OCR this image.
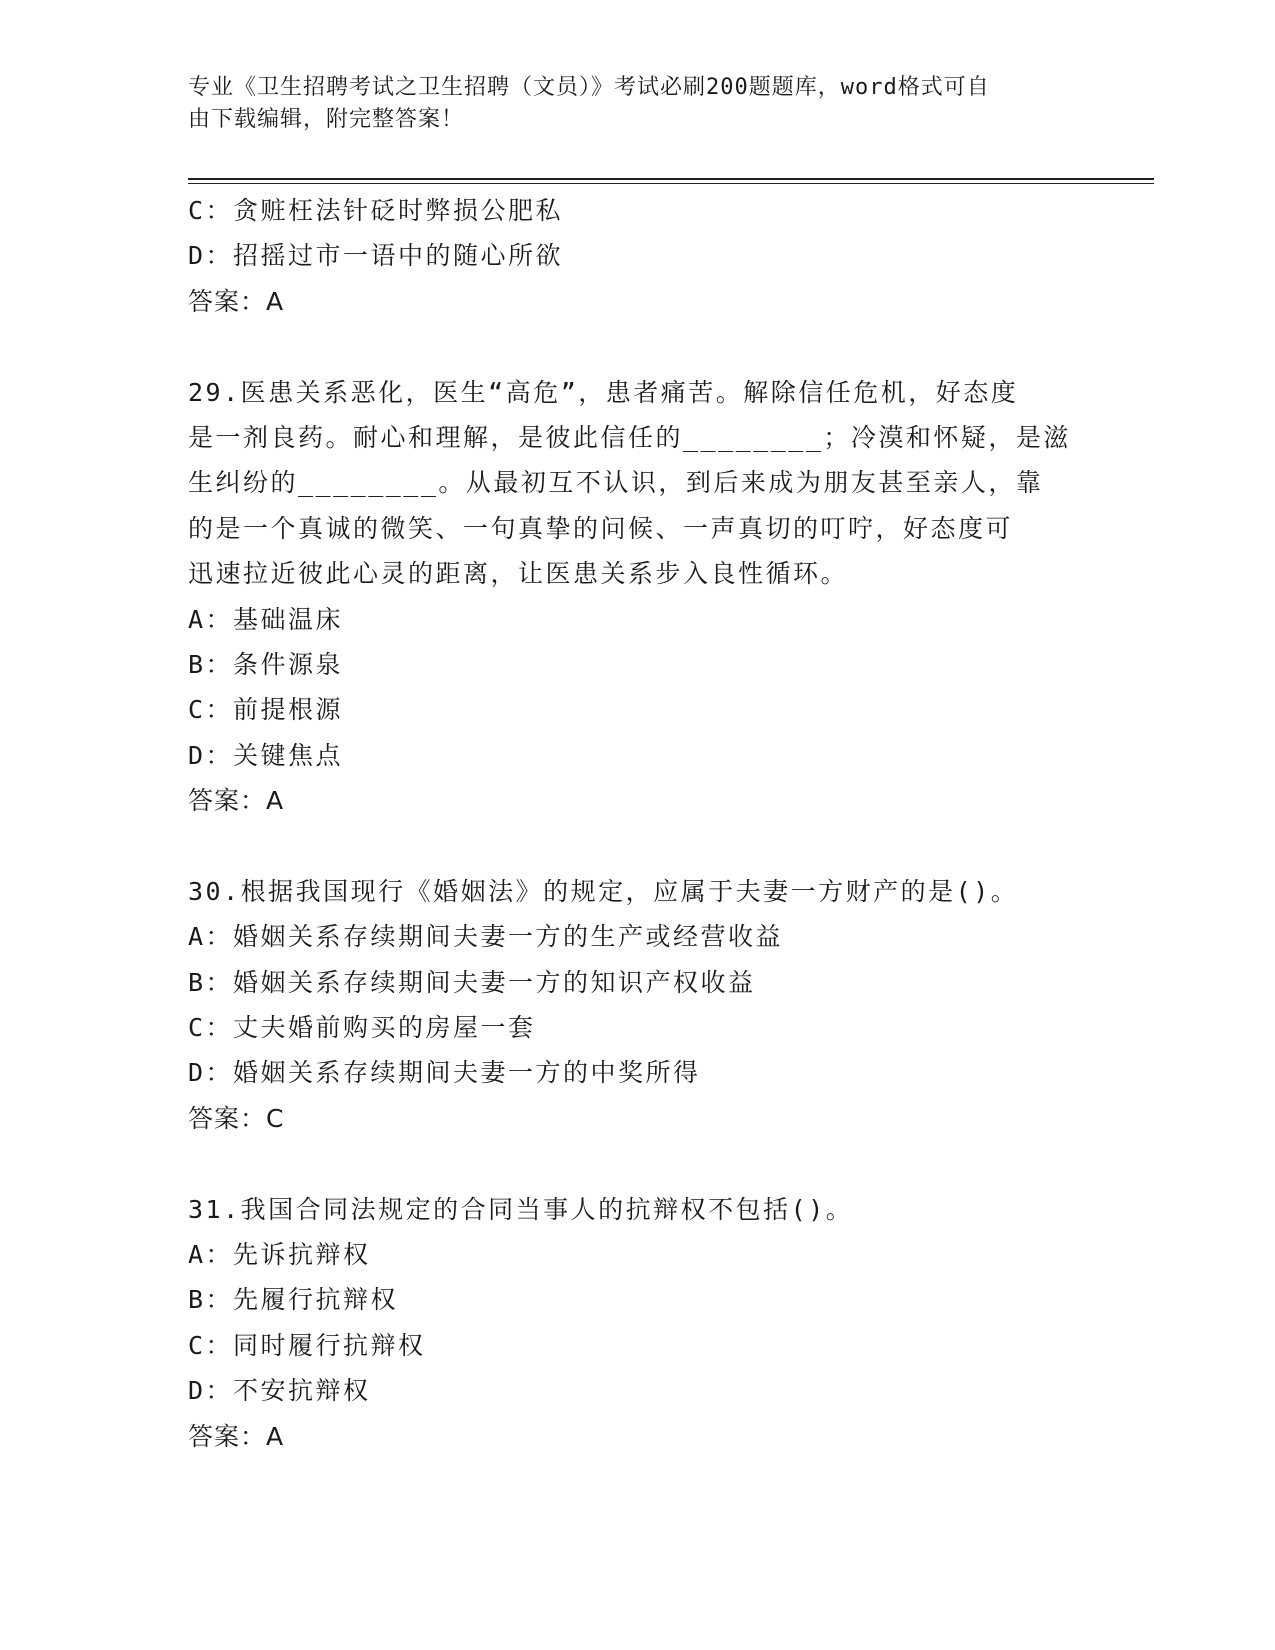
专业《卫生招聘考试之卫生招聘（文员）》考试必刷200题题库，word格式可自
由下载编辑，附完整答案！
C：贪赃枉法针砭时弊损公肥私
D：招摇过市一语中的随心所欲
答案：A
29.医患关系恶化，医生“高危”，患者痛苦。解除信任危机，好态度
是一剂良药。耐心和理解，是彼此信任的________；冷漠和怀疑，是滋
生纠纷的________。从最初互不认识，到后来成为朋友甚至亲人，靠
的是一个真诚的微笑、一句真挚的问候、一声真切的叮咛，好态度可
迅速拉近彼此心灵的距离，让医患关系步入良性循环。
A：基础温床
B：条件源泉
C：前提根源
D：关键焦点
答案：A
30.根据我国现行《婚姻法》的规定，应属于夫妻一方财产的是()。
A：婚姻关系存续期间夫妻一方的生产或经营收益
B：婚姻关系存续期间夫妻一方的知识产权收益
C：丈夫婚前购买的房屋一套
D：婚姻关系存续期间夫妻一方的中奖所得
答案：C
31.我国合同法规定的合同当事人的抗辩权不包括()。
A：先诉抗辩权
B：先履行抗辩权
C：同时履行抗辩权
D：不安抗辩权
答案：A
